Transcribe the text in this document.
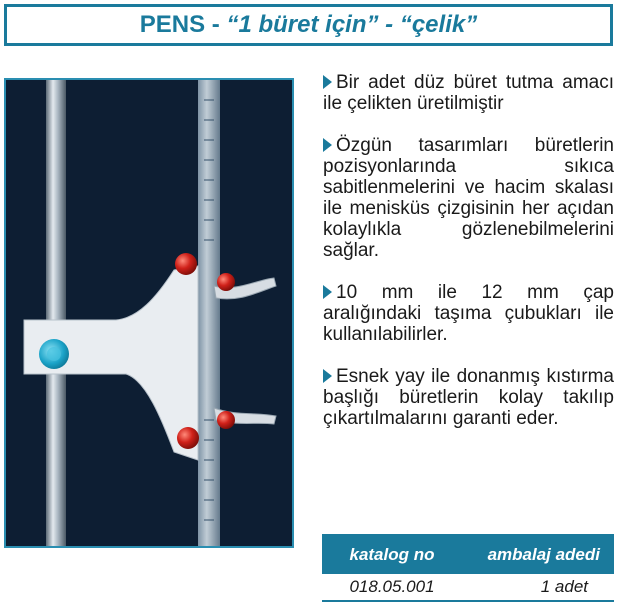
PENS - “1 büret için” - “çelik”
Bir adet düz büret tutma amacı ile çelikten üretilmiştir
Özgün tasarımları büretlerin pozisyonlarında sıkıca sabitlenmelerini ve hacim skalası ile menisküs çizgisinin her açıdan kolaylıkla gözlenebilmelerini sağlar.
10 mm ile 12 mm çap aralığındaki taşıma çubukları ile kullanılabilirler.
Esnek yay ile donanmış kıstırma başlığı büretlerin kolay takılıp çıkartılmalarını garanti eder.
katalog no	ambalaj adedi
018.05.001	1 adet
